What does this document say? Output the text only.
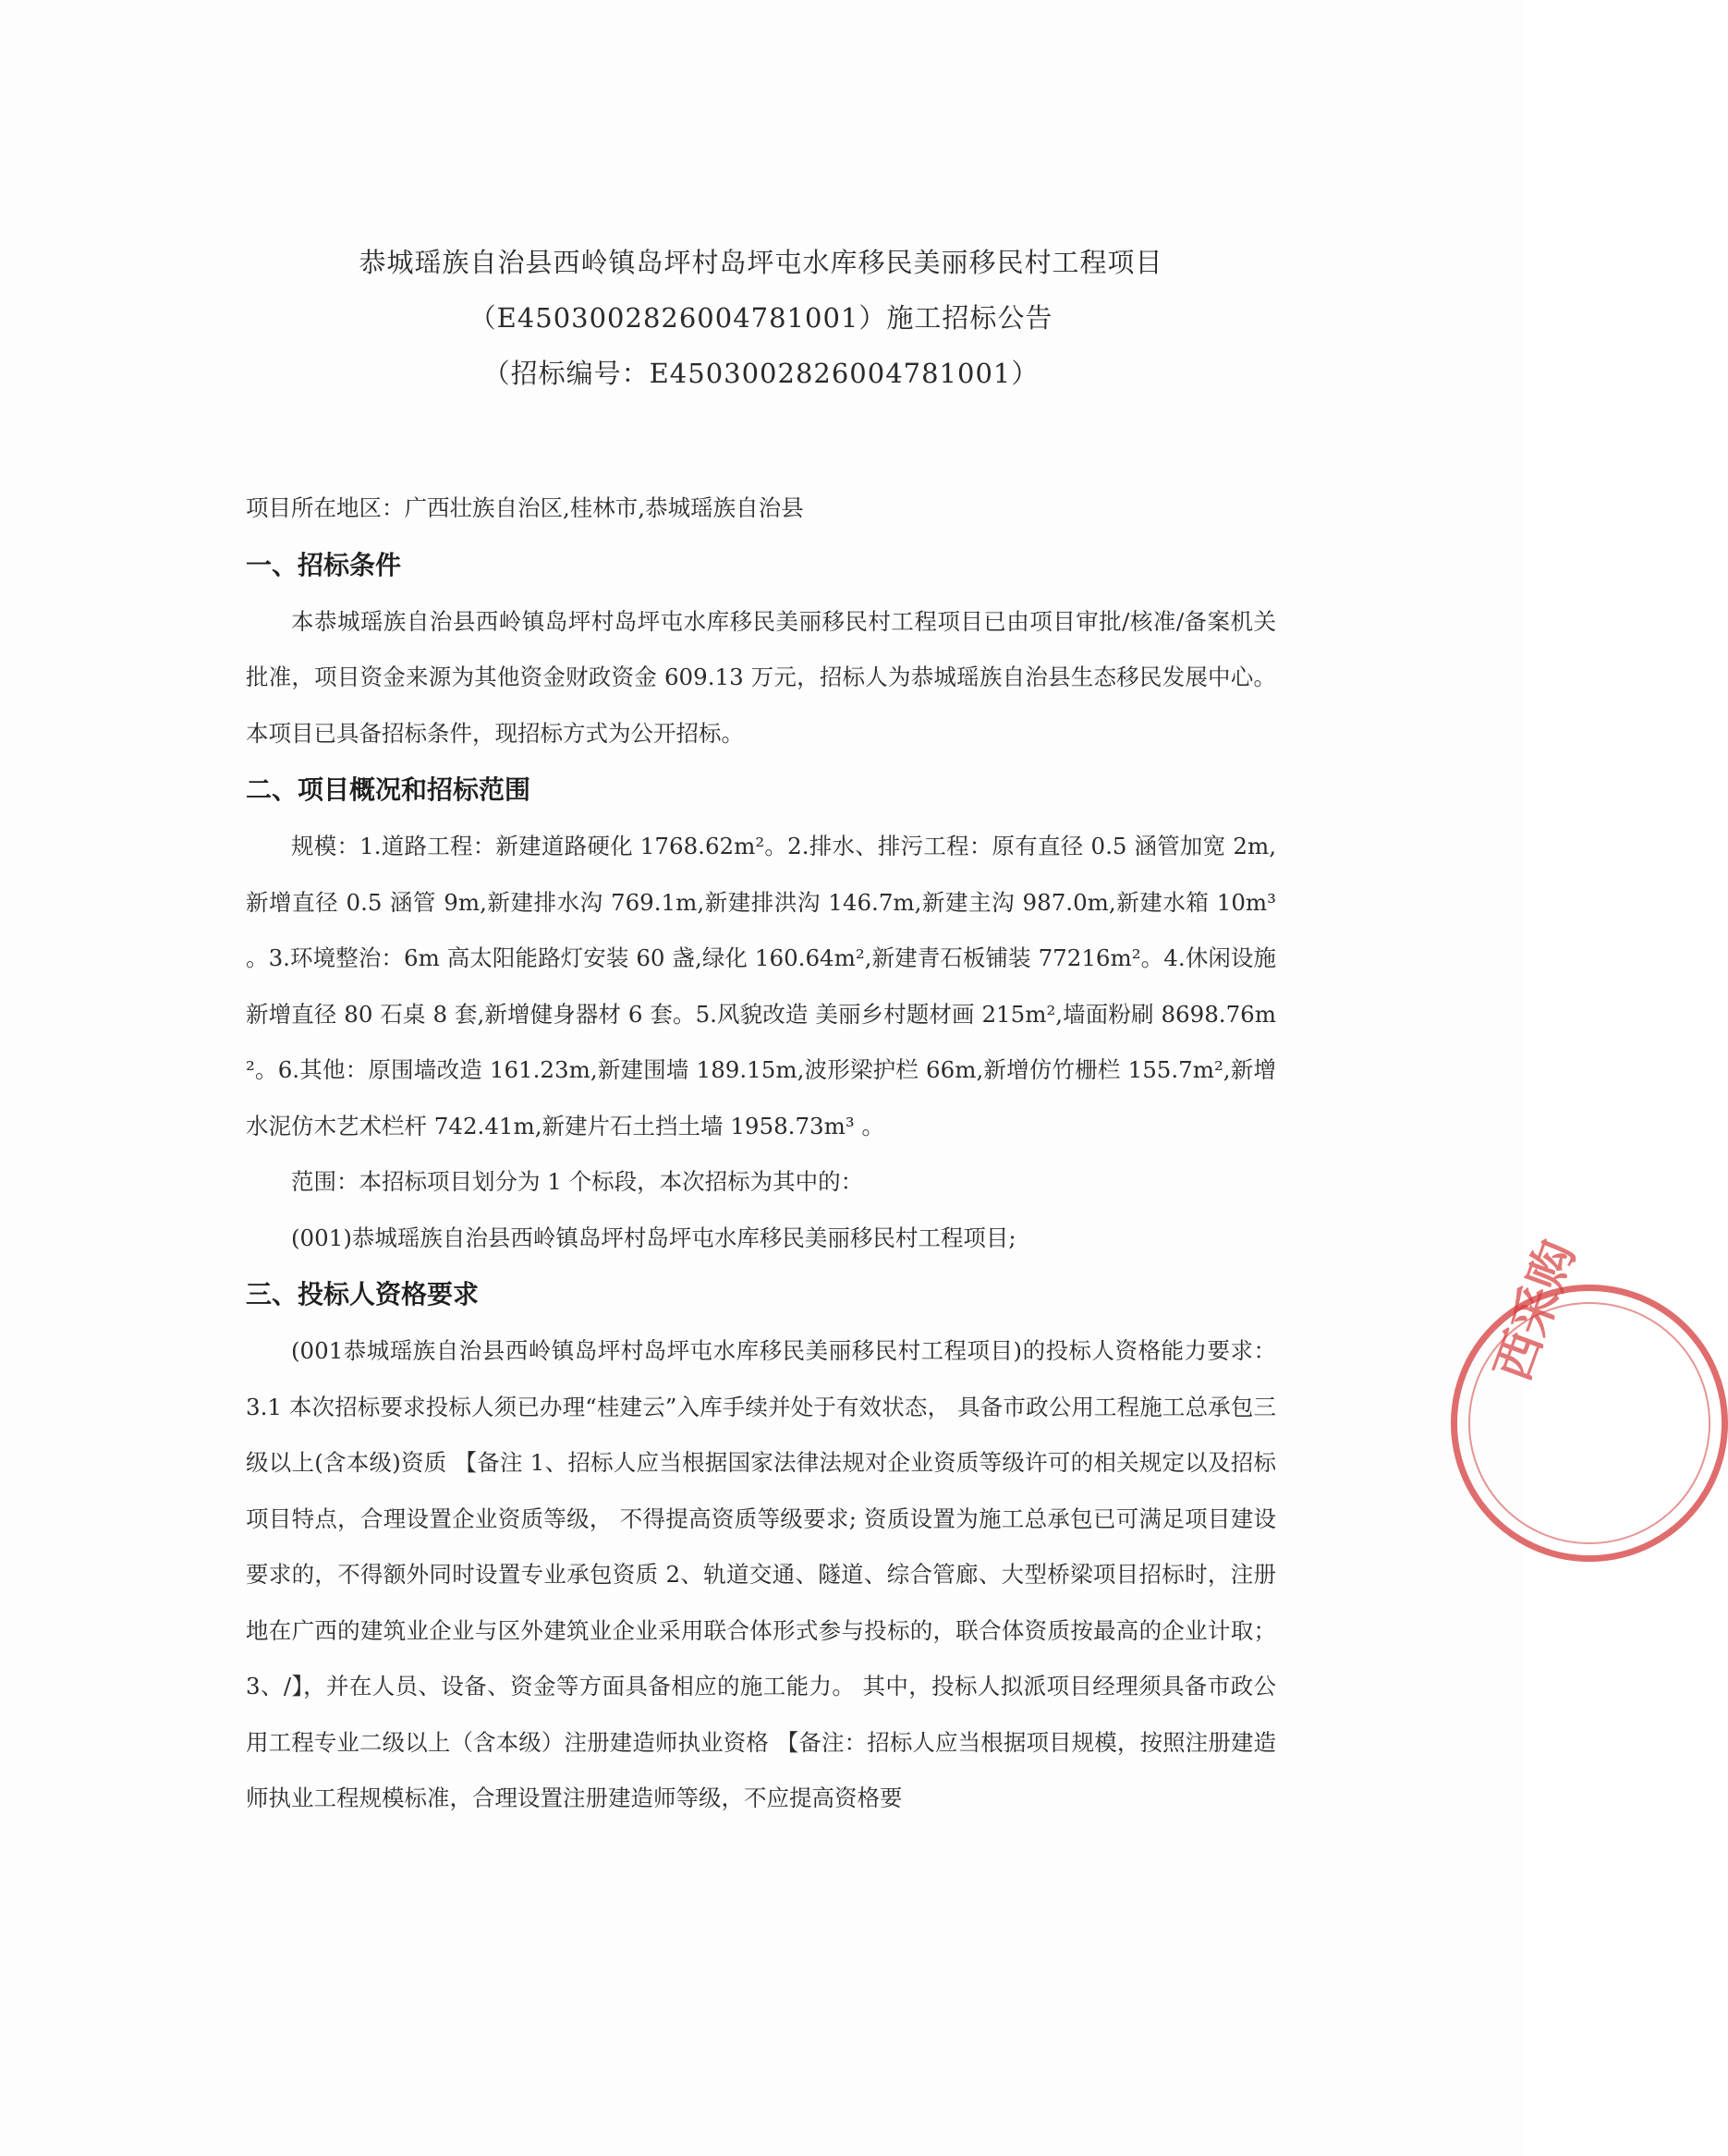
恭城瑶族自治县西岭镇岛坪村岛坪屯水库移民美丽移民村工程项目
（E4503002826004781001）施工招标公告
（招标编号：E4503002826004781001）

项目所在地区：广西壮族自治区,桂林市,恭城瑶族自治县

一、招标条件

本恭城瑶族自治县西岭镇岛坪村岛坪屯水库移民美丽移民村工程项目已由项目审批/核准/备案机关批准，项目资金来源为其他资金财政资金 609.13 万元，招标人为恭城瑶族自治县生态移民发展中心。本项目已具备招标条件，现招标方式为公开招标。

二、项目概况和招标范围

规模：1.道路工程：新建道路硬化 1768.62m²。2.排水、排污工程：原有直径 0.5 涵管加宽 2m,新增直径 0.5 涵管 9m,新建排水沟 769.1m,新建排洪沟 146.7m,新建主沟 987.0m,新建水箱 10m³ 。3.环境整治：6m 高太阳能路灯安装 60 盏,绿化 160.64m²,新建青石板铺装 77216m²。4.休闲设施 新增直径 80 石桌 8 套,新增健身器材 6 套。5.风貌改造 美丽乡村题材画 215m²,墙面粉刷 8698.76m²。6.其他：原围墙改造 161.23m,新建围墙 189.15m,波形梁护栏 66m,新增仿竹栅栏 155.7m²,新增水泥仿木艺术栏杆 742.41m,新建片石土挡土墙 1958.73m³ 。

范围：本招标项目划分为 1 个标段，本次招标为其中的：

(001)恭城瑶族自治县西岭镇岛坪村岛坪屯水库移民美丽移民村工程项目;

三、投标人资格要求

(001恭城瑶族自治县西岭镇岛坪村岛坪屯水库移民美丽移民村工程项目)的投标人资格能力要求：3.1 本次招标要求投标人须已办理“桂建云”入库手续并处于有效状态， 具备市政公用工程施工总承包三级以上(含本级)资质 【备注 1、招标人应当根据国家法律法规对企业资质等级许可的相关规定以及招标项目特点，合理设置企业资质等级， 不得提高资质等级要求; 资质设置为施工总承包已可满足项目建设要求的，不得额外同时设置专业承包资质 2、轨道交通、隧道、综合管廊、大型桥梁项目招标时，注册地在广西的建筑业企业与区外建筑业企业采用联合体形式参与投标的，联合体资质按最高的企业计取； 3、/】，并在人员、设备、资金等方面具备相应的施工能力。 其中，投标人拟派项目经理须具备市政公用工程专业二级以上（含本级）注册建造师执业资格 【备注：招标人应当根据项目规模，按照注册建造师执业工程规模标准，合理设置注册建造师等级，不应提高资格要

西采购
